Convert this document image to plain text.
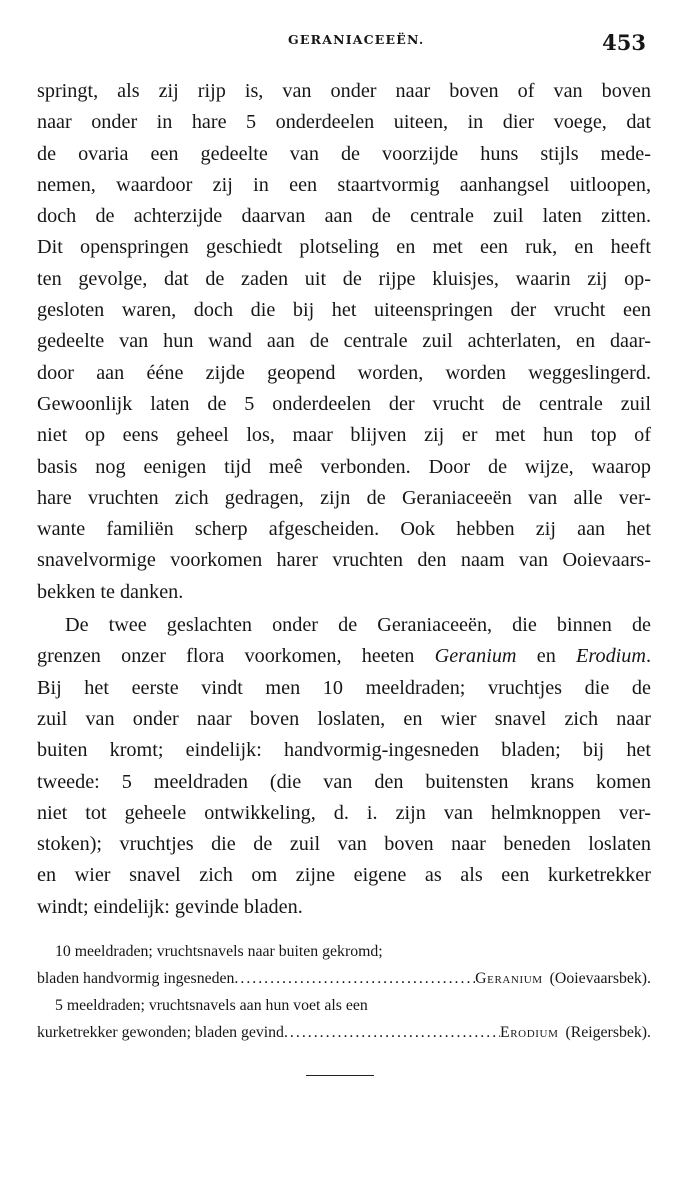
GERANIACEEËN.	453

springt, als zij rijp is, van onder naar boven of van boven
naar onder in hare 5 onderdeelen uiteen, in dier voege, dat
de ovaria een gedeelte van de voorzijde huns stijls mede-
nemen, waardoor zij in een staartvormig aanhangsel uitloopen,
doch de achterzijde daarvan aan de centrale zuil laten zitten.
Dit openspringen geschiedt plotseling en met een ruk, en heeft
ten gevolge, dat de zaden uit de rijpe kluisjes, waarin zij op-
gesloten waren, doch die bij het uiteenspringen der vrucht een
gedeelte van hun wand aan de centrale zuil achterlaten, en daar-
door aan ééne zijde geopend worden, worden weggeslingerd.
Gewoonlijk laten de 5 onderdeelen der vrucht de centrale zuil
niet op eens geheel los, maar blijven zij er met hun top of
basis nog eenigen tijd meê verbonden. Door de wijze, waarop
hare vruchten zich gedragen, zijn de Geraniaceeën van alle ver-
wante familiën scherp afgescheiden. Ook hebben zij aan het
snavelvormige voorkomen harer vruchten den naam van Ooievaars-
bekken te danken.

De twee geslachten onder de Geraniaceeën, die binnen de
grenzen onzer flora voorkomen, heeten Geranium en Erodium.
Bij het eerste vindt men 10 meeldraden; vruchtjes die de
zuil van onder naar boven loslaten, en wier snavel zich naar
buiten kromt; eindelijk: handvormig-ingesneden bladen; bij het
tweede: 5 meeldraden (die van den buitensten krans komen
niet tot geheele ontwikkeling, d. i. zijn van helmknoppen ver-
stoken); vruchtjes die de zuil van boven naar beneden loslaten
en wier snavel zich om zijne eigene as als een kurketrekker
windt; eindelijk: gevinde bladen.

10 meeldraden; vruchtsnavels naar buiten gekromd;
bladen handvormig ingesneden .....	Geranium (Ooievaarsbek).
5 meeldraden; vruchtsnavels aan hun voet als een
kurketrekker gewonden; bladen gevind .....	Erodium (Reigersbek).
